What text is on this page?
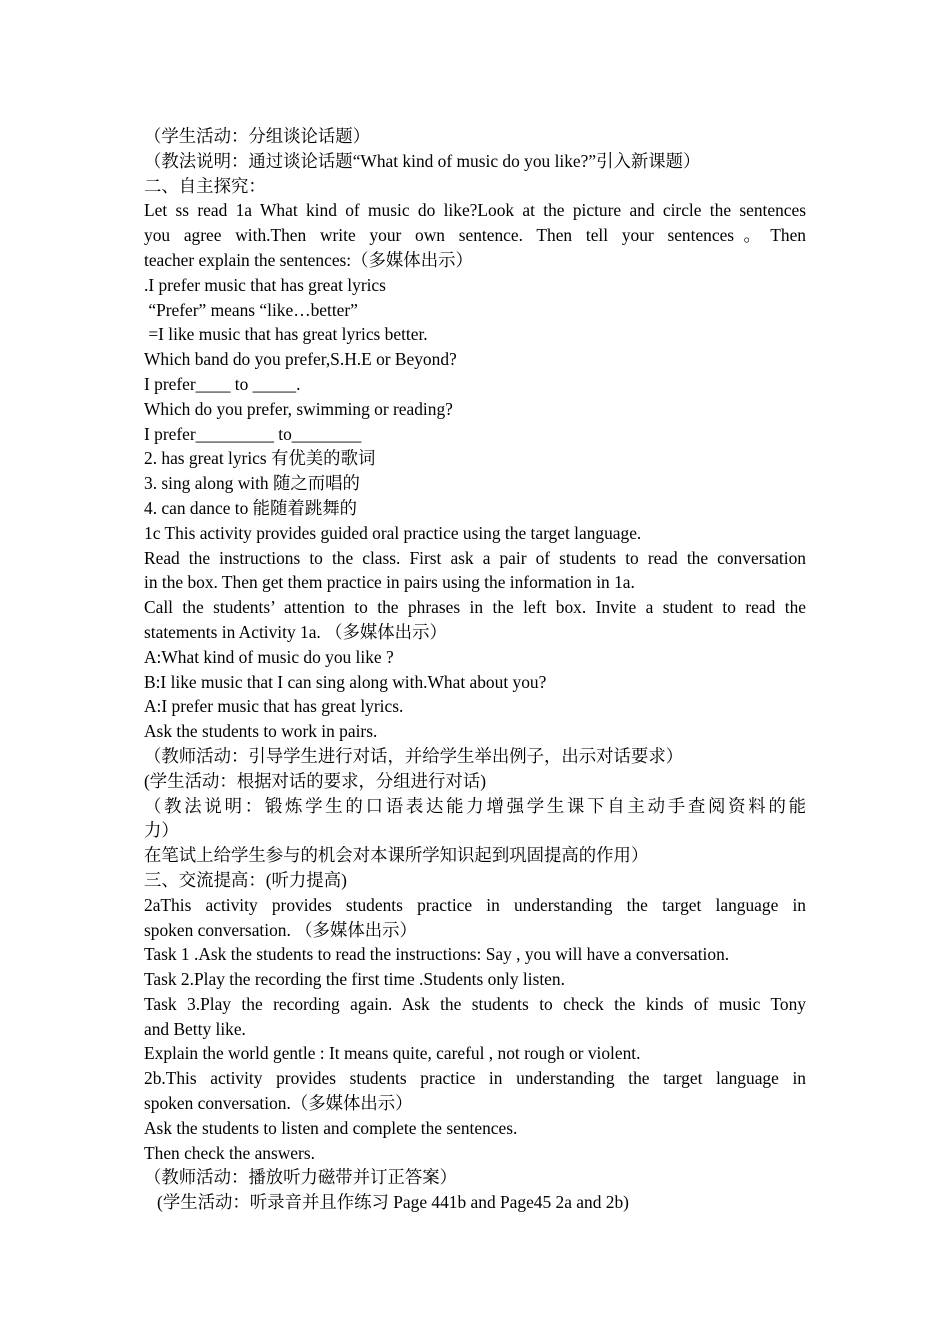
（学生活动：分组谈论话题）
（教法说明：通过谈论话题“What kind of music do you like?”引入新课题）
二、自主探究：
Let ss read 1a What kind of music do like?Look at the picture and circle the sentences
you agree with.Then write your own sentence. Then tell your sentences。Then
teacher explain the sentences:（多媒体出示）
.I prefer music that has great lyrics
“Prefer” means “like…better”
=I like music that has great lyrics better.
Which band do you prefer,S.H.E or Beyond?
I prefer____ to _____.
Which do you prefer, swimming or reading?
I prefer_________ to________
2. has great lyrics 有优美的歌词
3. sing along with 随之而唱的
4. can dance to 能随着跳舞的
1c This activity provides guided oral practice using the target language.
Read the instructions to the class. First ask a pair of students to read the conversation
in the box. Then get them practice in pairs using the information in 1a.
Call the students’ attention to the phrases in the left box. Invite a student to read the
statements in Activity 1a. （多媒体出示）
A:What kind of music do you like ?
B:I like music that I can sing along with.What about you?
A:I prefer music that has great lyrics.
Ask the students to work in pairs.
（教师活动：引导学生进行对话，并给学生举出例子，出示对话要求）
(学生活动：根据对话的要求，分组进行对话)
（教法说明：锻炼学生的口语表达能力增强学生课下自主动手查阅资料的能
力）
在笔试上给学生参与的机会对本课所学知识起到巩固提高的作用）
三、交流提高：(听力提高)
2aThis activity provides students practice in understanding the target language in
spoken conversation. （多媒体出示）
Task 1 .Ask the students to read the instructions: Say , you will have a conversation.
Task 2.Play the recording the first time .Students only listen.
Task 3.Play the recording again. Ask the students to check the kinds of music Tony
and Betty like.
Explain the world gentle : It means quite, careful , not rough or violent.
2b.This activity provides students practice in understanding the target language in
spoken conversation.（多媒体出示）
Ask the students to listen and complete the sentences.
Then check the answers.
（教师活动：播放听力磁带并订正答案）
(学生活动：听录音并且作练习 Page 441b and Page45 2a and 2b)
